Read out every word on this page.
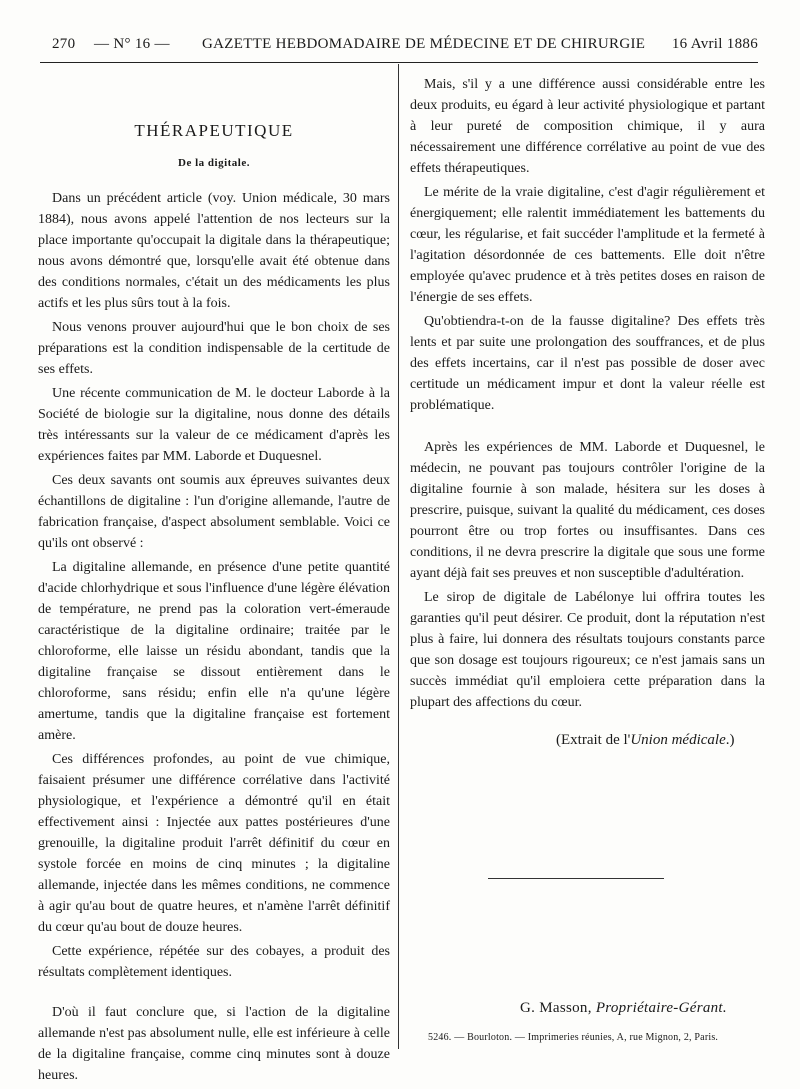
270 — N° 16 — GAZETTE HEBDOMADAIRE DE MÉDECINE ET DE CHIRURGIE 16 Avril 1886
THÉRAPEUTIQUE
De la digitale.

Dans un précédent article (voy. Union médicale, 30 mars 1884), nous avons appelé l'attention de nos lecteurs sur la place importante qu'occupait la digitale dans la thérapeutique; nous avons démontré que, lorsqu'elle avait été obtenue dans des conditions normales, c'était un des médicaments les plus actifs et les plus sûrs tout à la fois.

Nous venons prouver aujourd'hui que le bon choix de ses préparations est la condition indispensable de la certitude de ses effets.

Une récente communication de M. le docteur Laborde à la Société de biologie sur la digitaline, nous donne des détails très intéressants sur la valeur de ce médicament d'après les expériences faites par MM. Laborde et Duquesnel.

Ces deux savants ont soumis aux épreuves suivantes deux échantillons de digitaline : l'un d'origine allemande, l'autre de fabrication française, d'aspect absolument semblable. Voici ce qu'ils ont observé :

La digitaline allemande, en présence d'une petite quantité d'acide chlorhydrique et sous l'influence d'une légère élévation de température, ne prend pas la coloration vert-émeraude caractéristique de la digitaline ordinaire; traitée par le chloroforme, elle laisse un résidu abondant, tandis que la digitaline française se dissout entièrement dans le chloroforme, sans résidu; enfin elle n'a qu'une légère amertume, tandis que la digitaline française est fortement amère.

Ces différences profondes, au point de vue chimique, faisaient présumer une différence corrélative dans l'activité physiologique, et l'expérience a démontré qu'il en était effectivement ainsi : Injectée aux pattes postérieures d'une grenouille, la digitaline produit l'arrêt définitif du cœur en systole forcée en moins de cinq minutes ; la digitaline allemande, injectée dans les mêmes conditions, ne commence à agir qu'au bout de quatre heures, et n'amène l'arrêt définitif du cœur qu'au bout de douze heures.

Cette expérience, répétée sur des cobayes, a produit des résultats complètement identiques.

D'où il faut conclure que, si l'action de la digitaline allemande n'est pas absolument nulle, elle est inférieure à celle de la digitaline française, comme cinq minutes sont à douze heures.

Mais, s'il y a une différence aussi considérable entre les deux produits, eu égard à leur activité physiologique et partant à leur pureté de composition chimique, il y aura nécessairement une différence corrélative au point de vue des effets thérapeutiques.

Le mérite de la vraie digitaline, c'est d'agir régulièrement et énergiquement; elle ralentit immédiatement les battements du cœur, les régularise, et fait succéder l'amplitude et la fermeté à l'agitation désordonnée de ces battements. Elle doit n'être employée qu'avec prudence et à très petites doses en raison de l'énergie de ses effets.

Qu'obtiendra-t-on de la fausse digitaline? Des effets très lents et par suite une prolongation des souffrances, et de plus des effets incertains, car il n'est pas possible de doser avec certitude un médicament impur et dont la valeur réelle est problématique.

Après les expériences de MM. Laborde et Duquesnel, le médecin, ne pouvant pas toujours contrôler l'origine de la digitaline fournie à son malade, hésitera sur les doses à prescrire, puisque, suivant la qualité du médicament, ces doses pourront être ou trop fortes ou insuffisantes. Dans ces conditions, il ne devra prescrire la digitale que sous une forme ayant déjà fait ses preuves et non susceptible d'adultération.

Le sirop de digitale de Labélonye lui offrira toutes les garanties qu'il peut désirer. Ce produit, dont la réputation n'est plus à faire, lui donnera des résultats toujours constants parce que son dosage est toujours rigoureux; ce n'est jamais sans un succès immédiat qu'il emploiera cette préparation dans la plupart des affections du cœur.

(Extrait de l'Union médicale.)
G. Masson, Propriétaire-Gérant.
5246. — Bourloton. — Imprimeries réunies, A, rue Mignon, 2, Paris.
